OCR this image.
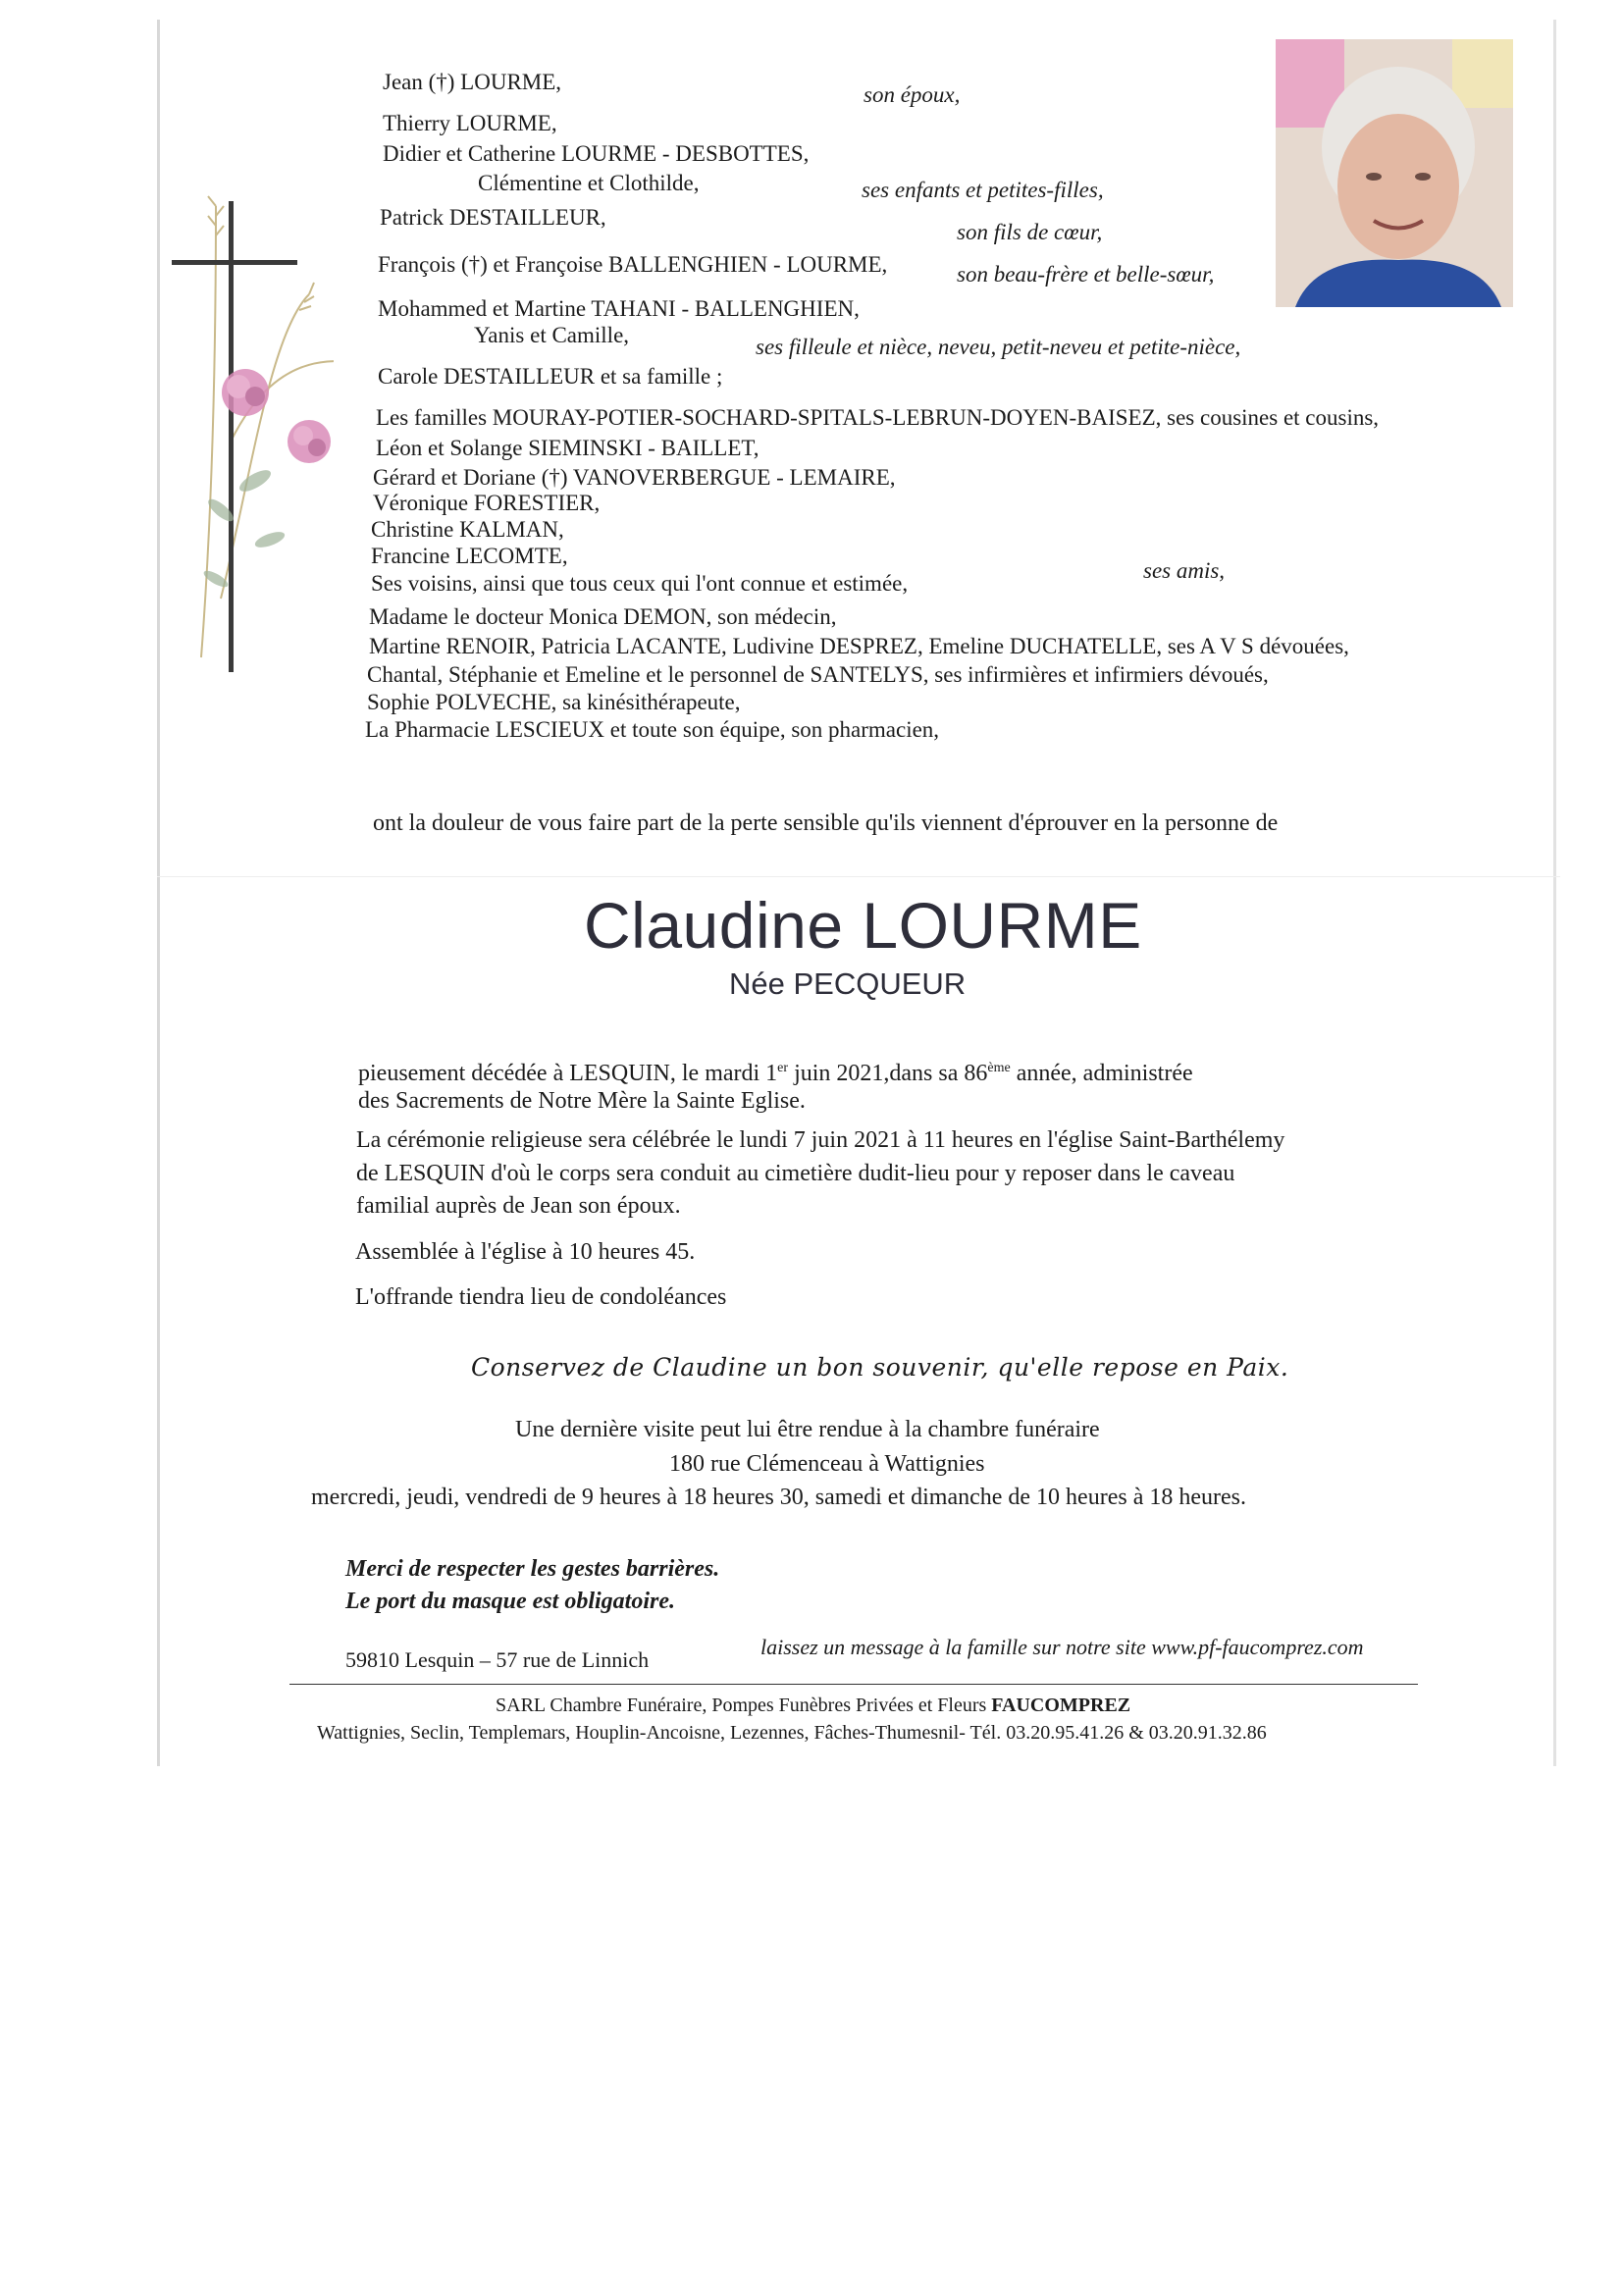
Jean (†) LOURME,
Thierry LOURME,
Didier et Catherine LOURME - DESBOTTES,
Clémentine et Clothilde,
Patrick DESTAILLEUR,
François (†) et Françoise BALLENGHIEN - LOURME,
Mohammed et Martine TAHANI - BALLENGHIEN,
Yanis et Camille,
Carole DESTAILLEUR et sa famille ;
Les familles MOURAY-POTIER-SOCHARD-SPITALS-LEBRUN-DOYEN-BAISEZ, ses cousines et cousins,
Léon et Solange SIEMINSKI - BAILLET,
Gérard et Doriane (†) VANOVERBERGUE - LEMAIRE,
Véronique FORESTIER,
Christine KALMAN,
Francine LECOMTE,
Ses voisins, ainsi que tous ceux qui l'ont connue et estimée,
Madame le docteur Monica DEMON, son médecin,
Martine RENOIR, Patricia LACANTE, Ludivine DESPREZ, Emeline DUCHATELLE, ses A V S dévouées,
Chantal, Stéphanie et Emeline et le personnel de SANTELYS, ses infirmières et infirmiers dévoués,
Sophie POLVECHE, sa kinésithérapeute,
La Pharmacie LESCIEUX et toute son équipe, son pharmacien,
son époux,
ses enfants et petites-filles,
son fils de cœur,
son beau-frère et belle-sœur,
ses filleule et nièce, neveu, petit-neveu et petite-nièce,
ses amis,
ont la douleur de vous faire part de la perte sensible qu'ils viennent d'éprouver en la personne de
Claudine LOURME
Née PECQUEUR
pieusement décédée à LESQUIN, le mardi 1er juin 2021,dans sa 86ème année, administrée
des Sacrements de Notre Mère la Sainte Eglise.
La cérémonie religieuse sera célébrée le lundi 7 juin 2021 à 11 heures en l'église Saint-Barthélemy
de LESQUIN d'où le corps sera conduit au cimetière dudit-lieu pour y reposer dans le caveau
familial auprès de Jean son époux.
Assemblée à l'église à 10 heures 45.
L'offrande tiendra lieu de condoléances
Conservez de Claudine un bon souvenir, qu'elle repose en Paix.
Une dernière visite peut lui être rendue à la chambre funéraire
180 rue Clémenceau à Wattignies
mercredi, jeudi, vendredi de 9 heures à 18 heures 30, samedi et dimanche de 10 heures à 18 heures.
Merci de respecter les gestes barrières.
Le port du masque est obligatoire.
59810 Lesquin – 57 rue de Linnich
laissez un message à la famille sur notre site www.pf-faucomprez.com
SARL Chambre Funéraire, Pompes Funèbres Privées et Fleurs FAUCOMPREZ
Wattignies, Seclin, Templemars, Houplin-Ancoisne, Lezennes, Fâches-Thumesnil- Tél. 03.20.95.41.26 & 03.20.91.32.86
